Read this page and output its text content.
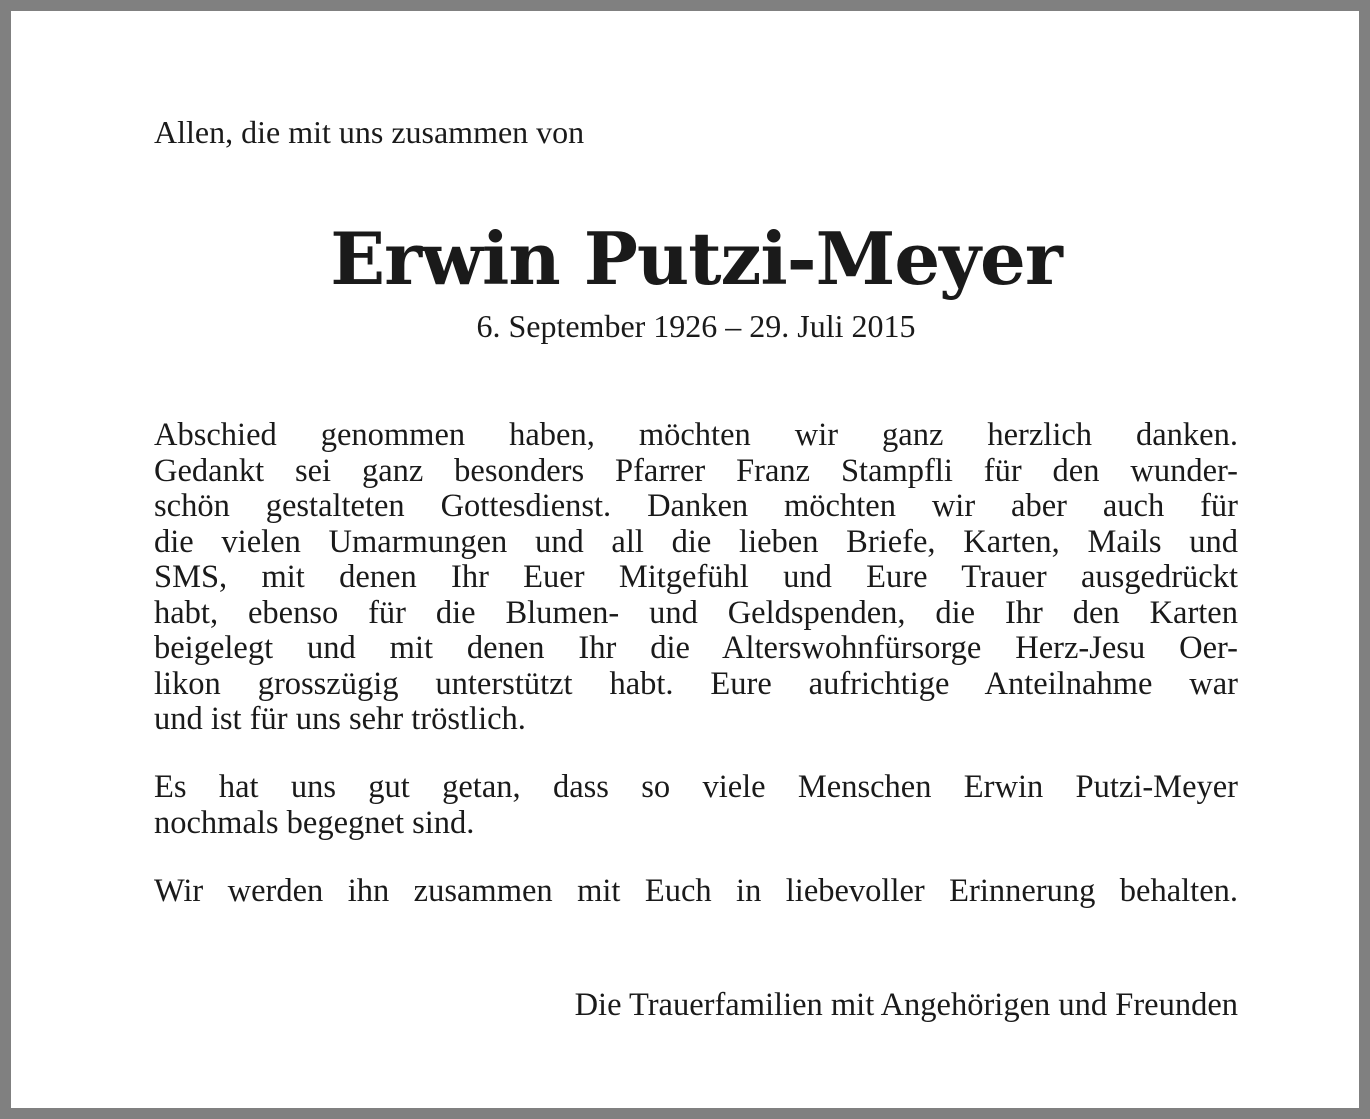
Allen, die mit uns zusammen von
Erwin Putzi-Meyer
6. September 1926 – 29. Juli 2015
Abschied genommen haben, möchten wir ganz herzlich danken.
Gedankt sei ganz besonders Pfarrer Franz Stampfli für den wunder-
schön gestalteten Gottesdienst. Danken möchten wir aber auch für
die vielen Umarmungen und all die lieben Briefe, Karten, Mails und
SMS, mit denen Ihr Euer Mitgefühl und Eure Trauer ausgedrückt
habt, ebenso für die Blumen- und Geldspenden, die Ihr den Karten
beigelegt und mit denen Ihr die Alterswohnfürsorge Herz-Jesu Oer-
likon grosszügig unterstützt habt. Eure aufrichtige Anteilnahme war
und ist für uns sehr tröstlich.
Es hat uns gut getan, dass so viele Menschen Erwin Putzi-Meyer
nochmals begegnet sind.
Wir werden ihn zusammen mit Euch in liebevoller Erinnerung behalten.
Die Trauerfamilien mit Angehörigen und Freunden
